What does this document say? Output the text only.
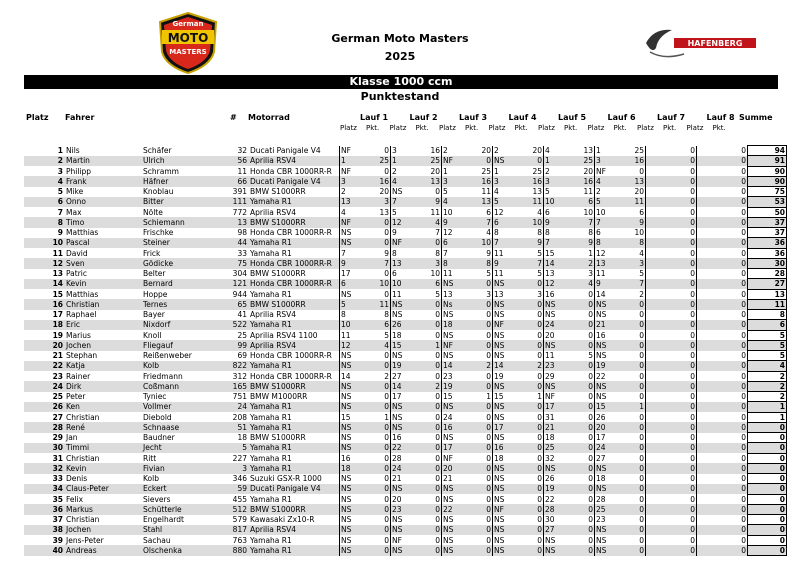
German
MOTO
MASTERS
HAFENBERG
German Moto Masters
2025
Klasse 1000 ccm
Punktestand
Platz Fahrer	# Motorrad	Summe
Lauf 1
Platz Pkt.
Lauf 2
Platz Pkt.
Lauf 3
Platz Pkt.
Lauf 4
Platz Pkt.
Lauf 5
Platz Pkt.
Lauf 6
Platz Pkt.
Lauf 7
Platz Pkt.
Lauf 8
Platz Pkt.
1	Nils	Schäfer	32	Ducati Panigale V4	NF	0	3	16	2	20	2	20	4	13	1	25		0		0	94
2	Martin	Ulrich	56	Aprilia RSV4	1	25	1	25	NF	0	NS	0	1	25	3	16		0		0	91
3	Philipp	Schramm	11	Honda CBR 1000RR-R	NF	0	2	20	1	25	1	25	2	20	NF	0		0		0	90
4	Frank	Häfner	66	Ducati Panigale V4	3	16	4	13	3	16	3	16	3	16	4	13		0		0	90
5	Mike	Knoblau	391	BMW S1000RR	2	20	NS	0	5	11	4	13	5	11	2	20		0		0	75
6	Onno	Bitter	111	Yamaha R1	13	3	7	9	4	13	5	11	10	6	5	11		0		0	53
7	Max	Nölte	772	Aprilia RSV4	4	13	5	11	10	6	12	4	6	10	10	6		0		0	50
8	Timo	Schiemann	13	BMW S1000RR	NF	0	12	4	9	7	6	10	9	7	7	9		0		0	37
9	Matthias	Frischke	98	Honda CBR 1000RR-R	NS	0	9	7	12	4	8	8	8	8	6	10		0		0	37
10	Pascal	Steiner	44	Yamaha R1	NS	0	NF	0	6	10	7	9	7	9	8	8		0		0	36
11	David	Frick	33	Yamaha R1	7	9	8	8	7	9	11	5	15	1	12	4		0		0	36
12	Sven	Gödicke	75	Honda CBR 1000RR-R	9	7	13	3	8	8	9	7	14	2	13	3		0		0	30
13	Patric	Belter	304	BMW S1000RR	17	0	6	10	11	5	11	5	13	3	11	5		0		0	28
14	Kevin	Bernard	121	Honda CBR 1000RR-R	6	10	10	6	NS	0	NS	0	12	4	9	7		0		0	27
15	Matthias	Hoppe	944	Yamaha R1	NS	0	11	5	13	3	13	3	16	0	14	2		0		0	13
16	Christian	Ternes	65	BMW S1000RR	5	11	NS	0	Ns	0	NS	0	NS	0	NS	0		0		0	11
17	Raphael	Bayer	41	Aprilia RSV4	8	8	NS	0	NS	0	NS	0	NS	0	NS	0		0		0	8
18	Eric	Nixdorf	522	Yamaha R1	10	6	26	0	18	0	NF	0	24	0	21	0		0		0	6
19	Marius	Knoll	25	Aprilia RSV4 1100	11	5	18	0	NS	0	NS	0	20	0	16	0		0		0	5
20	Jochen	Fliegauf	99	Aprilia RSV4	12	4	15	1	NF	0	NS	0	NS	0	NS	0		0		0	5
21	Stephan	Reißenweber	69	Honda CBR 1000RR-R	NS	0	NS	0	NS	0	NS	0	11	5	NS	0		0		0	5
22	Katja	Kolb	822	Yamaha R1	NS	0	19	0	14	2	14	2	23	0	19	0		0		0	4
23	Rainer	Friedmann	312	Honda CBR 1000RR-R	14	2	27	0	23	0	19	0	29	0	22	0		0		0	2
24	Dirk	Coßmann	165	BMW S1000RR	NS	0	14	2	19	0	NS	0	NS	0	NS	0		0		0	2
25	Peter	Tyniec	751	BMW M1000RR	NS	0	17	0	15	1	15	1	NF	0	NS	0		0		0	2
26	Ken	Vollmer	24	Yamaha R1	NS	0	NS	0	NS	0	NS	0	17	0	15	1		0		0	1
27	Christian	Diebold	208	Yamaha R1	15	1	NS	0	24	0	NS	0	31	0	26	0		0		0	1
28	René	Schnaase	51	Yamaha R1	NS	0	NS	0	16	0	17	0	21	0	20	0		0		0	0
29	Jan	Baudner	18	BMW S1000RR	NS	0	16	0	NS	0	NS	0	18	0	17	0		0		0	0
30	Timmi	Jecht	5	Yamaha R1	NS	0	22	0	17	0	16	0	25	0	24	0		0		0	0
31	Christian	Ritt	227	Yamaha R1	16	0	28	0	NF	0	18	0	32	0	27	0		0		0	0
32	Kevin	Fivian	3	Yamaha R1	18	0	24	0	20	0	NS	0	NS	0	NS	0		0		0	0
33	Denis	Kolb	346	Suzuki GSX-R 1000	NS	0	21	0	21	0	NS	0	26	0	18	0		0		0	0
34	Claus-Peter	Eckert	59	Ducati Panigale V4	NS	0	NS	0	NS	0	NS	0	19	0	NS	0		0		0	0
35	Felix	Sievers	455	Yamaha R1	NS	0	20	0	NS	0	NS	0	22	0	28	0		0		0	0
36	Markus	Schütterle	512	BMW S1000RR	NS	0	23	0	22	0	NF	0	28	0	25	0		0		0	0
37	Christian	Engelhardt	579	Kawasaki Zx10-R	NS	0	NS	0	NS	0	NS	0	30	0	23	0		0		0	0
38	Jochen	Stahl	817	Aprilia RSV4	NS	0	NS	0	NS	0	NS	0	27	0	NS	0		0		0	0
39	Jens-Peter	Sachau	763	Yamaha R1	NS	0	NF	0	NS	0	NS	0	NS	0	NS	0		0		0	0
40	Andreas	Olschenka	880	Yamaha R1	NS	0	NS	0	NS	0	NS	0	NS	0	NS	0		0		0	0
